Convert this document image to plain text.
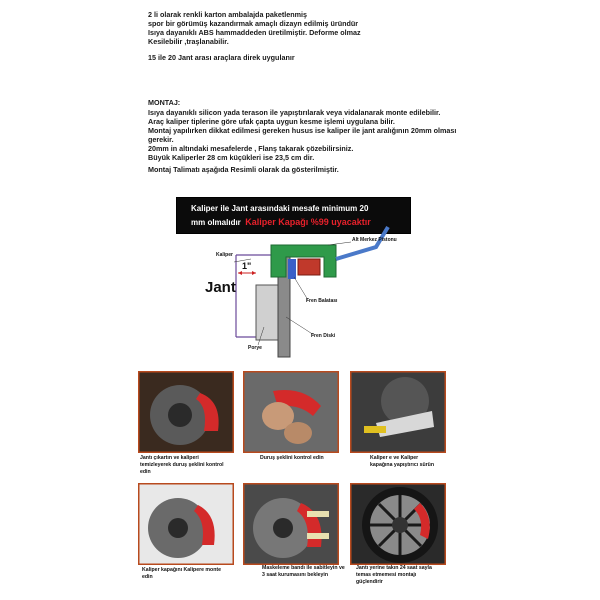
2 li olarak renkli karton ambalajda paketlenmiş
spor bir görümüş kazandırmak amaçlı dizayn edilmiş üründür
Isıya dayanıklı ABS hammaddeden üretilmiştir. Deforme olmaz
Kesilebilir ,traşlanabilir.
15 ile 20 Jant arası araçlara direk uygulanır
MONTAJ:
Isıya dayanıklı silicon yada terason ile yapıştırılarak veya vidalanarak monte edilebilir.
Araç kaliper tiplerine göre ufak çapta uygun kesme işlemi uygulana bilir.
Montaj yapılırken dikkat edilmesi gereken husus ise kaliper ile jant aralığının 20mm olması
gerekir.
20mm in altındaki mesafelerde , Flanş takarak çözebilirsiniz.
Büyük Kaliperler 28 cm küçükleri ise 23,5 cm dir.
Montaj Talimatı aşağıda Resimli olarak da gösterilmiştir.
Kaliper ile Jant arasındaki mesafe minimum 20
mm olmalıdır Kaliper Kapağı %99 uyacaktır
Kaliper
1"
Jant
Alt Merkez Pistonu
Fren Balatası
Fren Diski
Porye
Jantı çıkartın ve kaliperi
temizleyerek duruş şeklini kontrol
edin
Duruş şeklini kontrol edin	Kaliper e ve Kaliper
kapağına yapıştırıcı sürün
Kaliper kapağını Kalipere monte
edin
Maskeleme bandı ile sabitleyin ve
3 saat kurumasını bekleyin
Jantı yerine takın 24 saat sayla
temas etmemesi montajı
güçlendirir
